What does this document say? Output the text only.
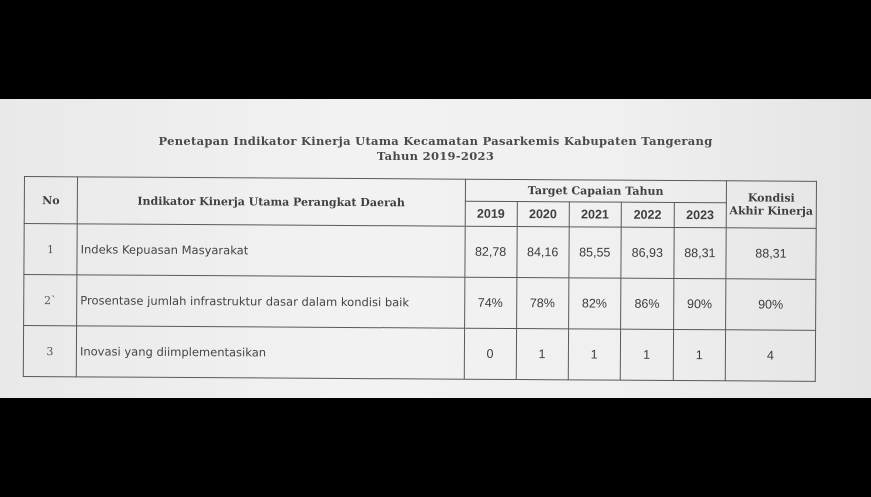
Penetapan Indikator Kinerja Utama Kecamatan Pasarkemis Kabupaten Tangerang
Tahun 2019-2023
No	Indikator Kinerja Utama Perangkat Daerah	Target Capaian Tahun					Kondisi
Akhir Kinerja

		2019	2020	2021	2022	2023	
1	Indeks Kepuasan Masyarakat	82,78	84,16	85,55	86,93	88,31	88,31
2`	Prosentase jumlah infrastruktur dasar dalam kondisi baik	74%	78%	82%	86%	90%	90%
3	Inovasi yang diimplementasikan	0	1	1	1	1	4
